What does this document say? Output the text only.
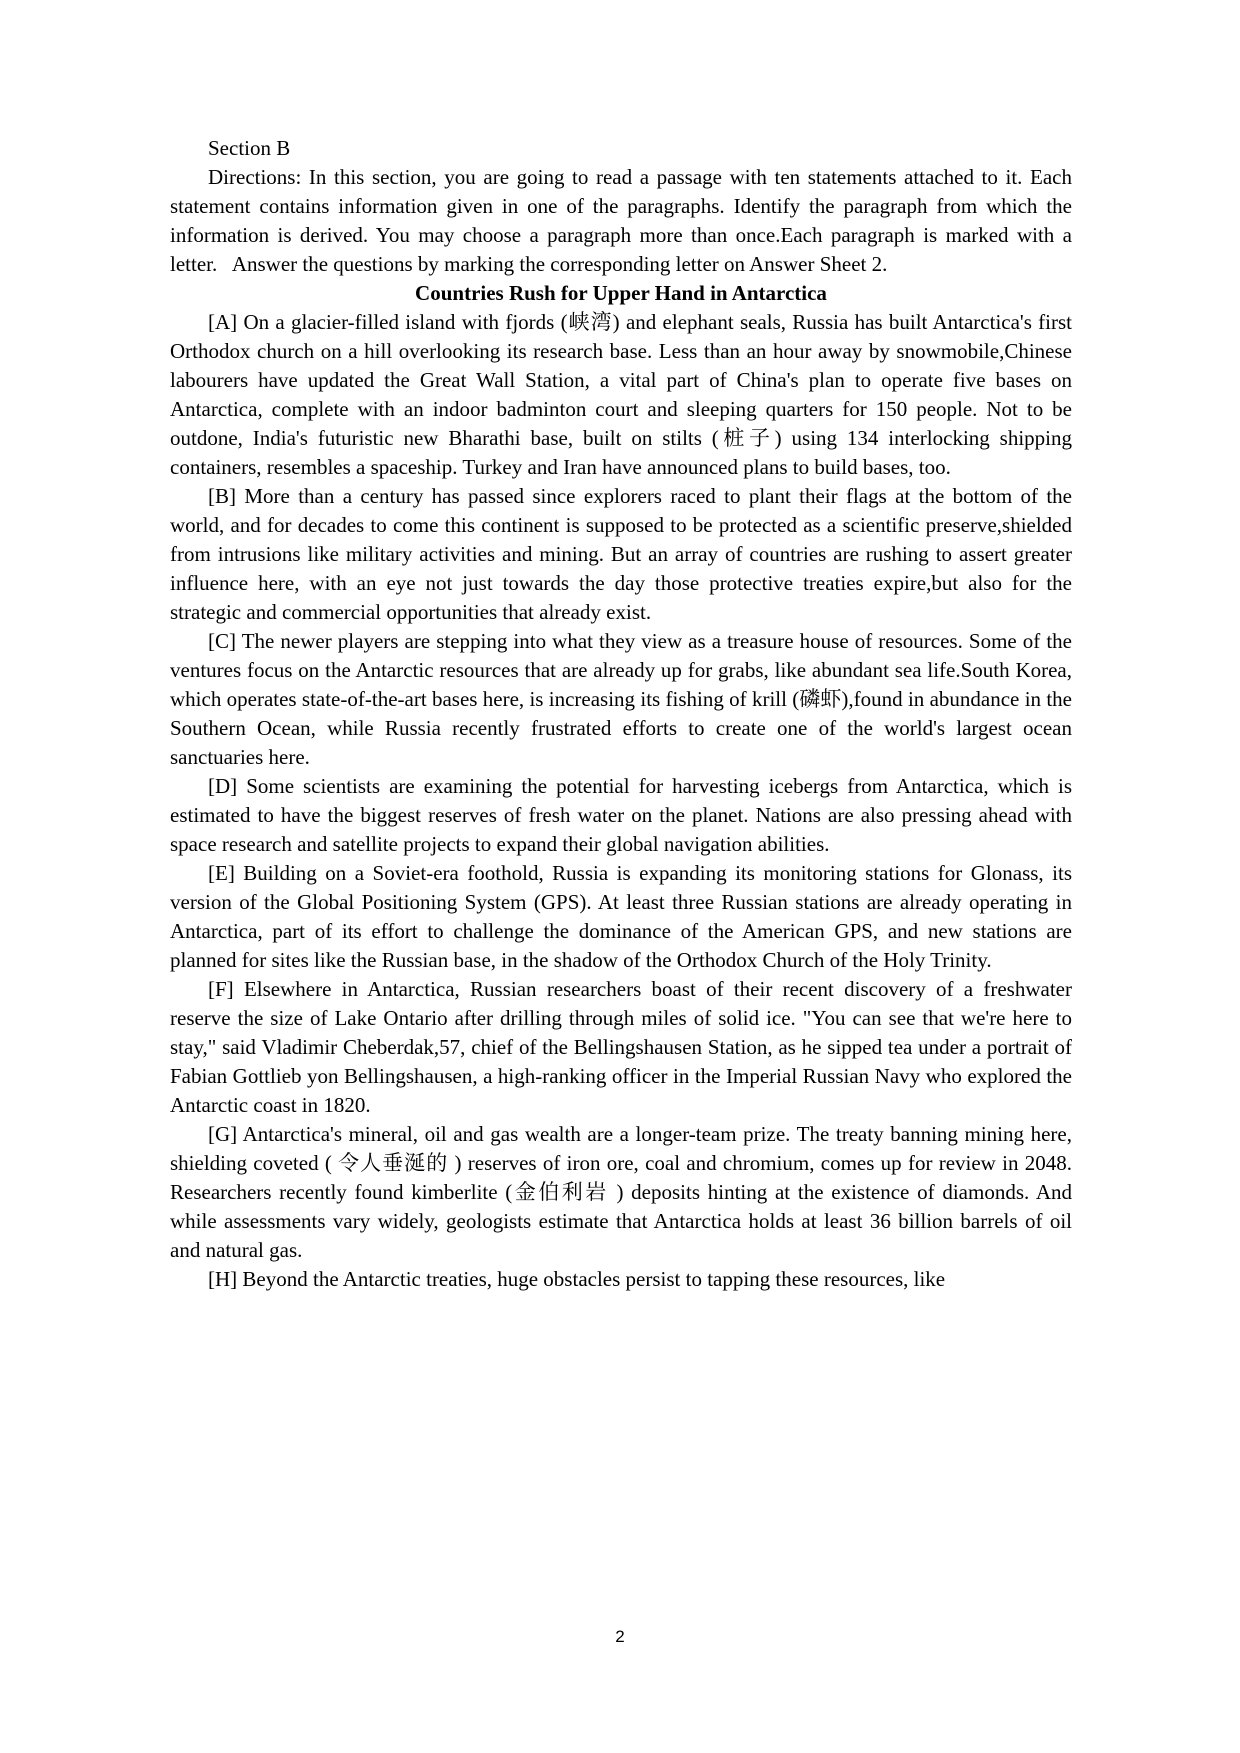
Section B

Directions: In this section, you are going to read a passage with ten statements attached to it. Each statement contains information given in one of the paragraphs. Identify the paragraph from which the information is derived. You may choose a paragraph more than once.Each paragraph is marked with a letter.   Answer the questions by marking the corresponding letter on Answer Sheet 2.

Countries Rush for Upper Hand in Antarctica

[A] On a glacier-filled island with fjords (峡湾) and elephant seals, Russia has built Antarctica's first Orthodox church on a hill overlooking its research base. Less than an hour away by snowmobile,Chinese labourers have updated the Great Wall Station, a vital part of China's plan to operate five bases on Antarctica, complete with an indoor badminton court and sleeping quarters for 150 people. Not to be outdone, India's futuristic new Bharathi base, built on stilts (桩子) using 134 interlocking shipping containers, resembles a spaceship. Turkey and Iran have announced plans to build bases, too.

[B] More than a century has passed since explorers raced to plant their flags at the bottom of the world, and for decades to come this continent is supposed to be protected as a scientific preserve,shielded from intrusions like military activities and mining. But an array of countries are rushing to assert greater influence here, with an eye not just towards the day those protective treaties expire,but also for the strategic and commercial opportunities that already exist.

[C] The newer players are stepping into what they view as a treasure house of resources. Some of the ventures focus on the Antarctic resources that are already up for grabs, like abundant sea life.South Korea, which operates state-of-the-art bases here, is increasing its fishing of krill (磷虾),found in abundance in the Southern Ocean, while Russia recently frustrated efforts to create one of the world's largest ocean sanctuaries here.

[D] Some scientists are examining the potential for harvesting icebergs from Antarctica, which is estimated to have the biggest reserves of fresh water on the planet. Nations are also pressing ahead with space research and satellite projects to expand their global navigation abilities.

[E] Building on a Soviet-era foothold, Russia is expanding its monitoring stations for Glonass, its version of the Global Positioning System (GPS). At least three Russian stations are already operating in Antarctica, part of its effort to challenge the dominance of the American GPS, and new stations are planned for sites like the Russian base, in the shadow of the Orthodox Church of the Holy Trinity.

[F] Elsewhere in Antarctica, Russian researchers boast of their recent discovery of a freshwater reserve the size of Lake Ontario after drilling through miles of solid ice. "You can see that we're here to stay," said Vladimir Cheberdak,57, chief of the Bellingshausen Station, as he sipped tea under a portrait of Fabian Gottlieb yon Bellingshausen, a high-ranking officer in the Imperial Russian Navy who explored the Antarctic coast in 1820.

[G] Antarctica's mineral, oil and gas wealth are a longer-team prize. The treaty banning mining here, shielding coveted ( 令人垂涎的 ) reserves of iron ore, coal and chromium, comes up for review in 2048. Researchers recently found kimberlite (金伯利岩 ) deposits hinting at the existence of diamonds. And while assessments vary widely, geologists estimate that Antarctica holds at least 36 billion barrels of oil and natural gas.

[H] Beyond the Antarctic treaties, huge obstacles persist to tapping these resources, like

2
